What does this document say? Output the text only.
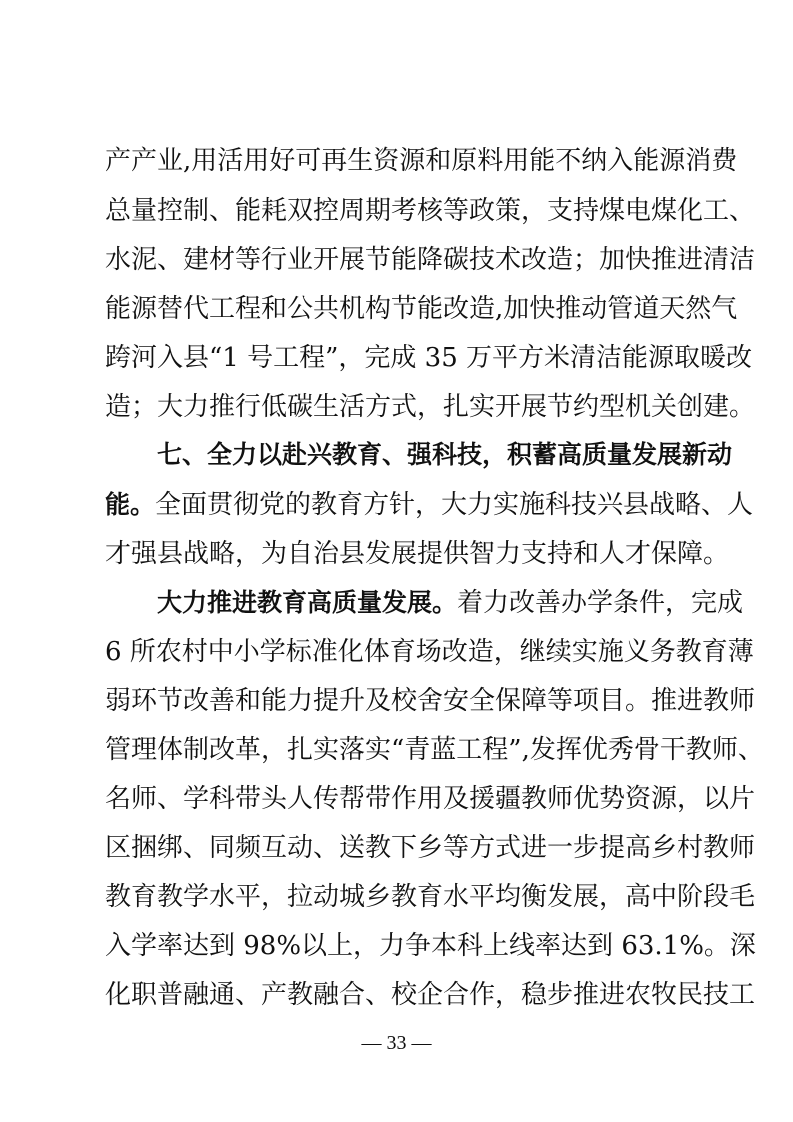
产产业,用活用好可再生资源和原料用能不纳入能源消费
总量控制、能耗双控周期考核等政策，支持煤电煤化工、
水泥、建材等行业开展节能降碳技术改造；加快推进清洁
能源替代工程和公共机构节能改造,加快推动管道天然气
跨河入县“1 号工程”，完成 35 万平方米清洁能源取暖改
造；大力推行低碳生活方式，扎实开展节约型机关创建。
七、全力以赴兴教育、强科技，积蓄高质量发展新动
能。全面贯彻党的教育方针，大力实施科技兴县战略、人
才强县战略，为自治县发展提供智力支持和人才保障。
大力推进教育高质量发展。着力改善办学条件，完成
6 所农村中小学标准化体育场改造，继续实施义务教育薄
弱环节改善和能力提升及校舍安全保障等项目。推进教师
管理体制改革，扎实落实“青蓝工程”,发挥优秀骨干教师、
名师、学科带头人传帮带作用及援疆教师优势资源，以片
区捆绑、同频互动、送教下乡等方式进一步提高乡村教师
教育教学水平，拉动城乡教育水平均衡发展，高中阶段毛
入学率达到 98%以上，力争本科上线率达到 63.1%。深
化职普融通、产教融合、校企合作，稳步推进农牧民技工
— 33 —
